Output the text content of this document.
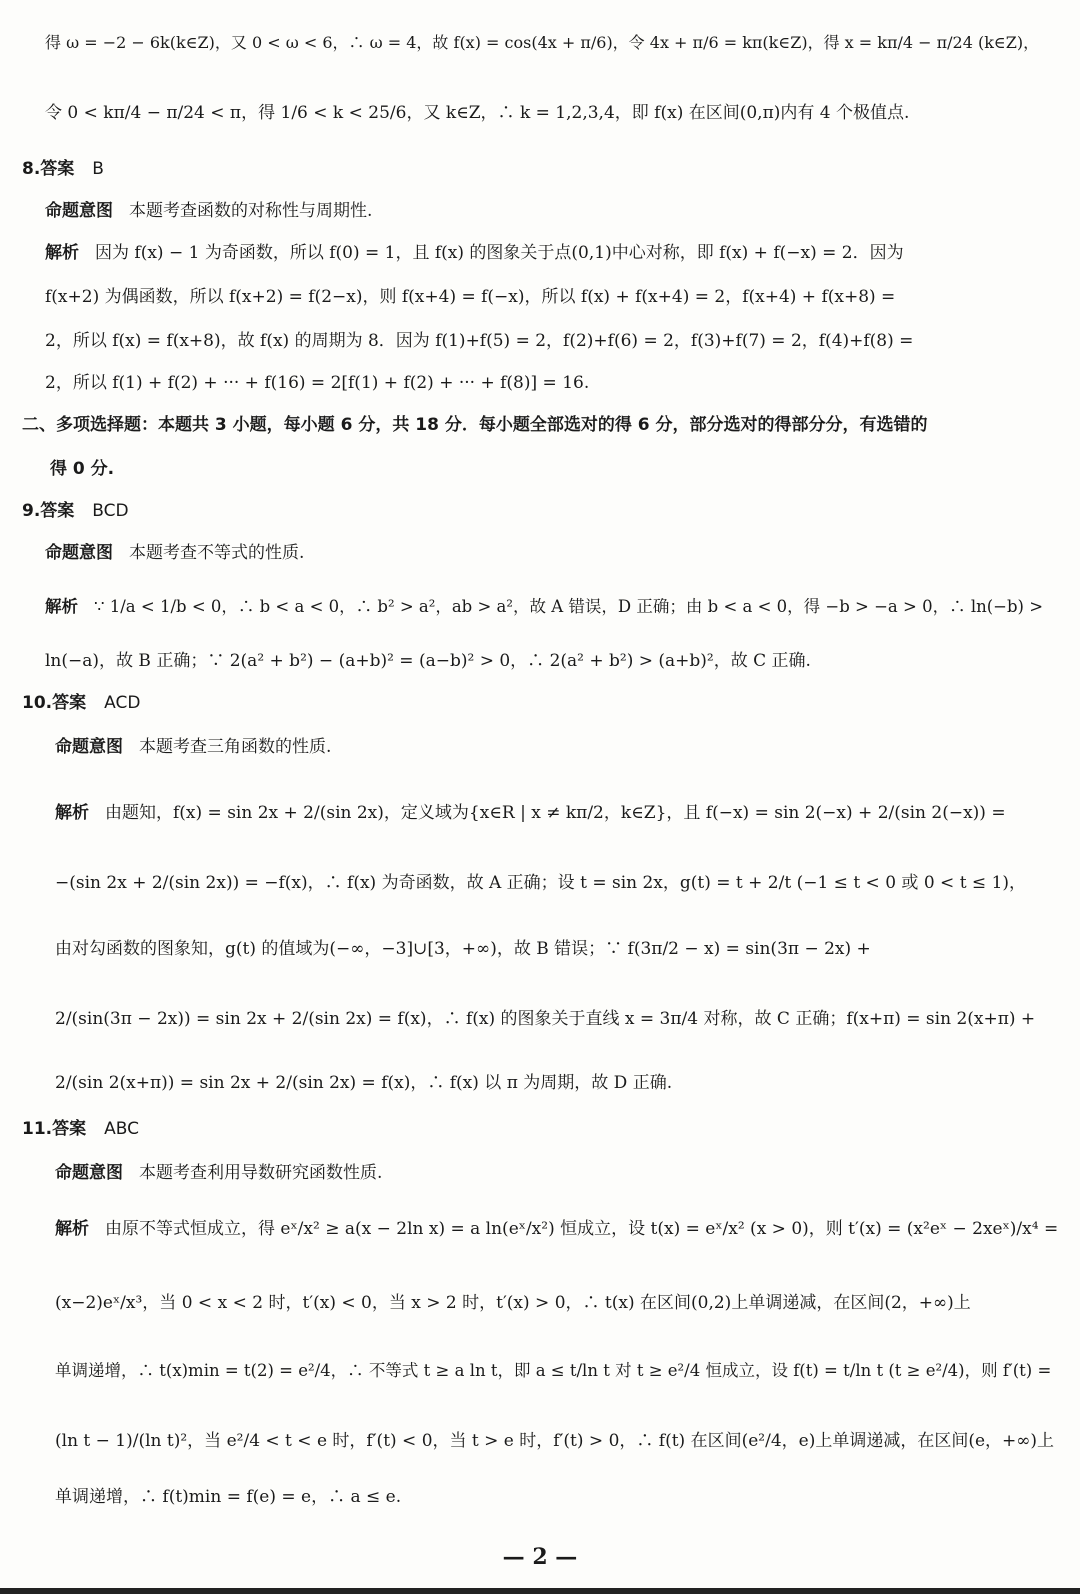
得 ω = −2 − 6k(k∈Z)，又 0 < ω < 6，∴ ω = 4，故 f(x) = cos(4x + π/6)，令 4x + π/6 = kπ(k∈Z)，得 x = kπ/4 − π/24 (k∈Z)，
令 0 < kπ/4 − π/24 < π，得 1/6 < k < 25/6，又 k∈Z，∴ k = 1,2,3,4，即 f(x) 在区间(0,π)内有 4 个极值点.
8.答案 B
命题意图 本题考查函数的对称性与周期性.
解析 因为 f(x) − 1 为奇函数，所以 f(0) = 1，且 f(x) 的图象关于点(0,1)中心对称，即 f(x) + f(−x) = 2．因为
f(x+2) 为偶函数，所以 f(x+2) = f(2−x)，则 f(x+4) = f(−x)，所以 f(x) + f(x+4) = 2，f(x+4) + f(x+8) =
2，所以 f(x) = f(x+8)，故 f(x) 的周期为 8．因为 f(1)+f(5) = 2，f(2)+f(6) = 2，f(3)+f(7) = 2，f(4)+f(8) =
2，所以 f(1) + f(2) + ··· + f(16) = 2[f(1) + f(2) + ··· + f(8)] = 16.
二、多项选择题：本题共 3 小题，每小题 6 分，共 18 分．每小题全部选对的得 6 分，部分选对的得部分分，有选错的
得 0 分.
9.答案 BCD
命题意图 本题考查不等式的性质.
解析 ∵ 1/a < 1/b < 0，∴ b < a < 0，∴ b² > a²，ab > a²，故 A 错误，D 正确；由 b < a < 0，得 −b > −a > 0，∴ ln(−b) >
ln(−a)，故 B 正确；∵ 2(a² + b²) − (a+b)² = (a−b)² > 0，∴ 2(a² + b²) > (a+b)²，故 C 正确.
10.答案 ACD
命题意图 本题考查三角函数的性质.
解析 由题知，f(x) = sin 2x + 2/(sin 2x)，定义域为{x∈R | x ≠ kπ/2，k∈Z}，且 f(−x) = sin 2(−x) + 2/(sin 2(−x)) =
−(sin 2x + 2/(sin 2x)) = −f(x)，∴ f(x) 为奇函数，故 A 正确；设 t = sin 2x，g(t) = t + 2/t (−1 ≤ t < 0 或 0 < t ≤ 1)，
由对勾函数的图象知，g(t) 的值域为(−∞，−3]∪[3，+∞)，故 B 错误；∵ f(3π/2 − x) = sin(3π − 2x) +
2/(sin(3π − 2x)) = sin 2x + 2/(sin 2x) = f(x)，∴ f(x) 的图象关于直线 x = 3π/4 对称，故 C 正确；f(x+π) = sin 2(x+π) +
2/(sin 2(x+π)) = sin 2x + 2/(sin 2x) = f(x)，∴ f(x) 以 π 为周期，故 D 正确.
11.答案 ABC
命题意图 本题考查利用导数研究函数性质.
解析 由原不等式恒成立，得 eˣ/x² ≥ a(x − 2ln x) = a ln(eˣ/x²) 恒成立，设 t(x) = eˣ/x² (x > 0)，则 t′(x) = (x²eˣ − 2xeˣ)/x⁴ =
(x−2)eˣ/x³，当 0 < x < 2 时，t′(x) < 0，当 x > 2 时，t′(x) > 0，∴ t(x) 在区间(0,2)上单调递减，在区间(2，+∞)上
单调递增，∴ t(x)min = t(2) = e²/4，∴ 不等式 t ≥ a ln t，即 a ≤ t/ln t 对 t ≥ e²/4 恒成立，设 f(t) = t/ln t (t ≥ e²/4)，则 f′(t) =
(ln t − 1)/(ln t)²，当 e²/4 < t < e 时，f′(t) < 0，当 t > e 时，f′(t) > 0，∴ f(t) 在区间(e²/4，e)上单调递减，在区间(e，+∞)上
单调递增，∴ f(t)min = f(e) = e，∴ a ≤ e.
— 2 —
